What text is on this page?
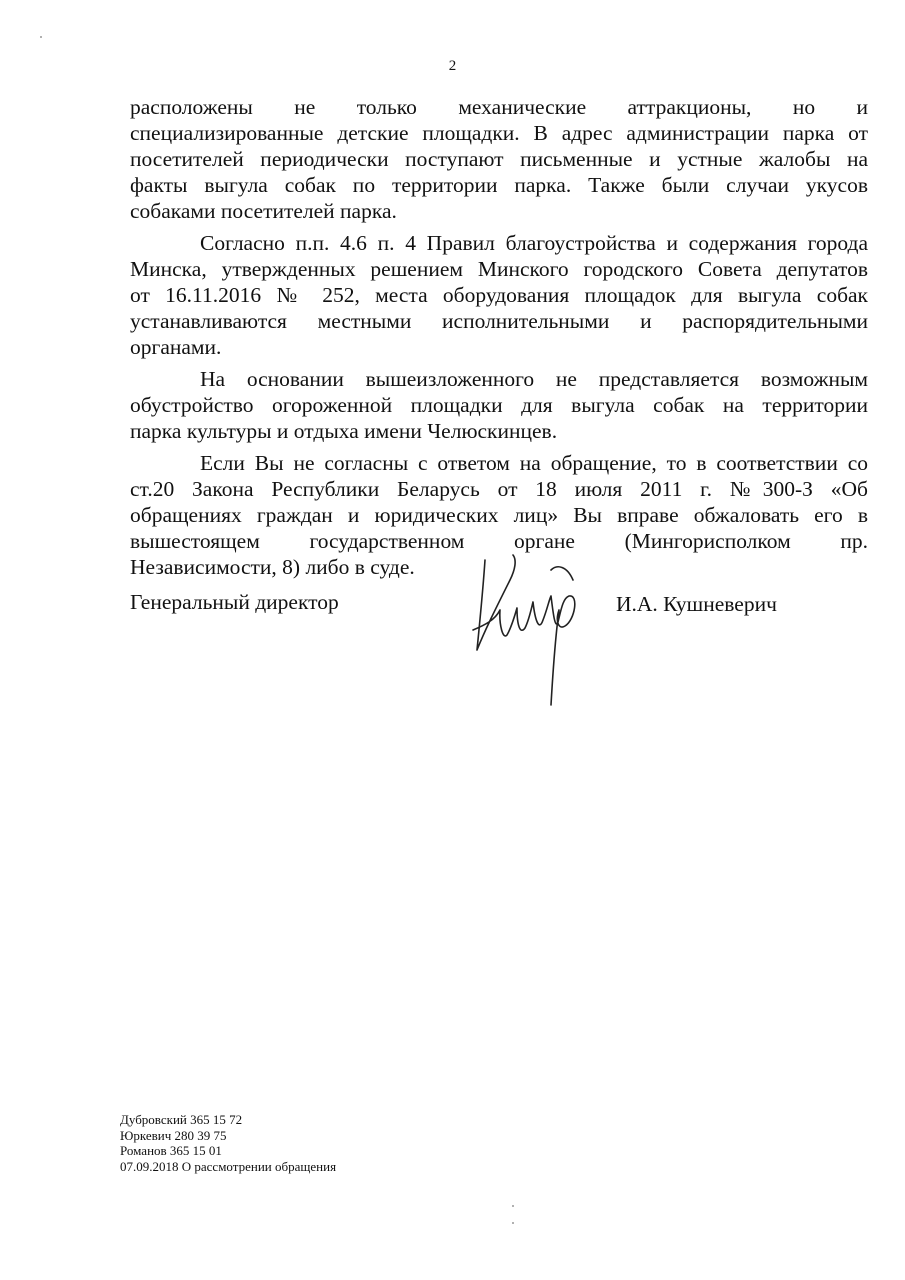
2
расположены не только механические аттракционы, но и
специализированные детские площадки. В адрес администрации парка от
посетителей периодически поступают письменные и устные жалобы на
факты выгула собак по территории парка. Также были случаи укусов
собаками посетителей парка.
Согласно п.п. 4.6 п. 4 Правил благоустройства и содержания города
Минска, утвержденных решением Минского городского Совета депутатов
от 16.11.2016 № 252, места оборудования площадок для выгула собак
устанавливаются местными исполнительными и распорядительными
органами.
На основании вышеизложенного не представляется возможным
обустройство огороженной площадки для выгула собак на территории
парка культуры и отдыха имени Челюскинцев.
Если Вы не согласны с ответом на обращение, то в соответствии со
ст.20 Закона Республики Беларусь от 18 июля 2011 г. №300-З «Об
обращениях граждан и юридических лиц» Вы вправе обжаловать его в
вышестоящем государственном органе (Мингорисполком пр.
Независимости, 8) либо в суде.
Генеральный директор	И.А. Кушневерич
Дубровский 365 15 72
Юркевич 280 39 75
Романов 365 15 01
07.09.2018 О рассмотрении обращения
